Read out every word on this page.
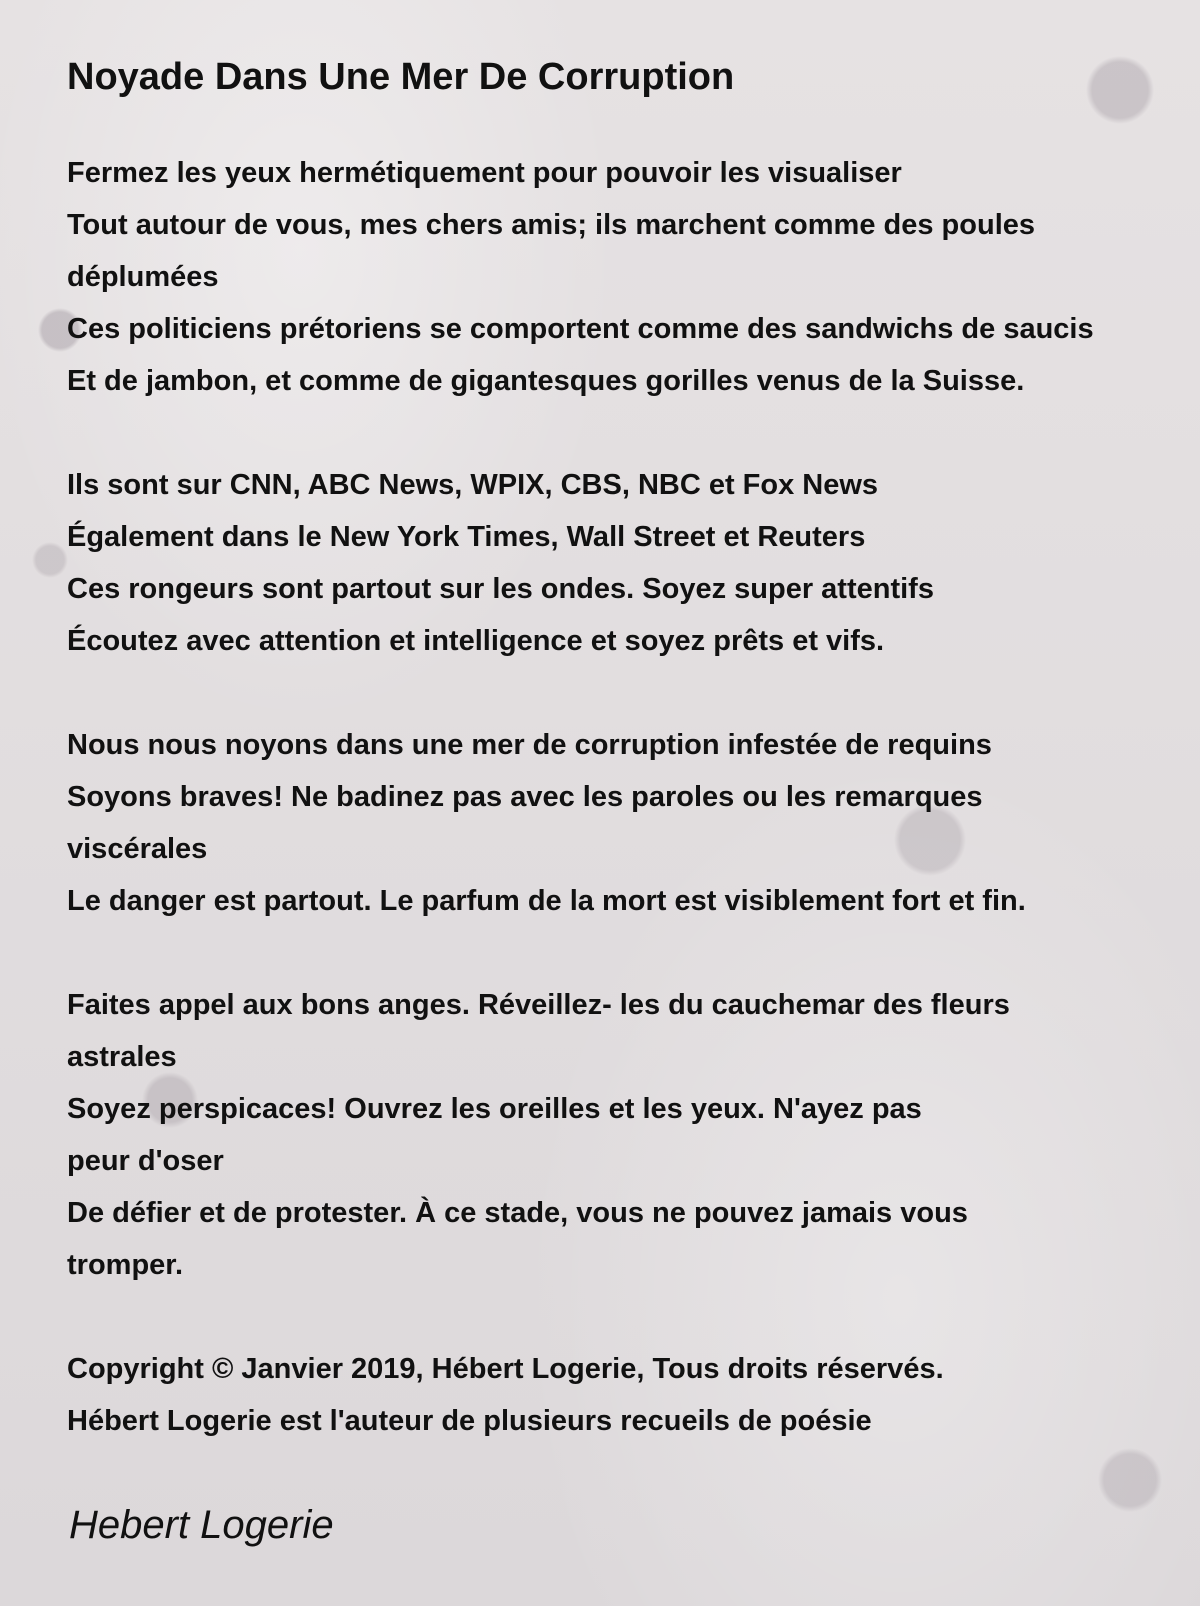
Noyade Dans Une Mer De Corruption
Fermez les yeux hermétiquement pour pouvoir les visualiser
Tout autour de vous, mes chers amis; ils marchent comme des poules
déplumées
Ces politiciens prétoriens se comportent comme des sandwichs de saucis
Et de jambon, et comme de gigantesques gorilles venus de la Suisse.
Ils sont sur CNN, ABC News, WPIX, CBS, NBC et Fox News
Également dans le New York Times, Wall Street et Reuters
Ces rongeurs sont partout sur les ondes. Soyez super attentifs
Écoutez avec attention et intelligence et soyez prêts et vifs.
Nous nous noyons dans une mer de corruption infestée de requins
Soyons braves! Ne badinez pas avec les paroles ou les remarques
viscérales
Le danger est partout. Le parfum de la mort est visiblement fort et fin.
Faites appel aux bons anges. Réveillez- les du cauchemar des fleurs
astrales
Soyez perspicaces! Ouvrez les oreilles et les yeux. N'ayez pas
peur d'oser
De défier et de protester. À ce stade, vous ne pouvez jamais vous
tromper.
Copyright © Janvier 2019, Hébert Logerie, Tous droits réservés.
Hébert Logerie est l'auteur de plusieurs recueils de poésie
Hebert Logerie
